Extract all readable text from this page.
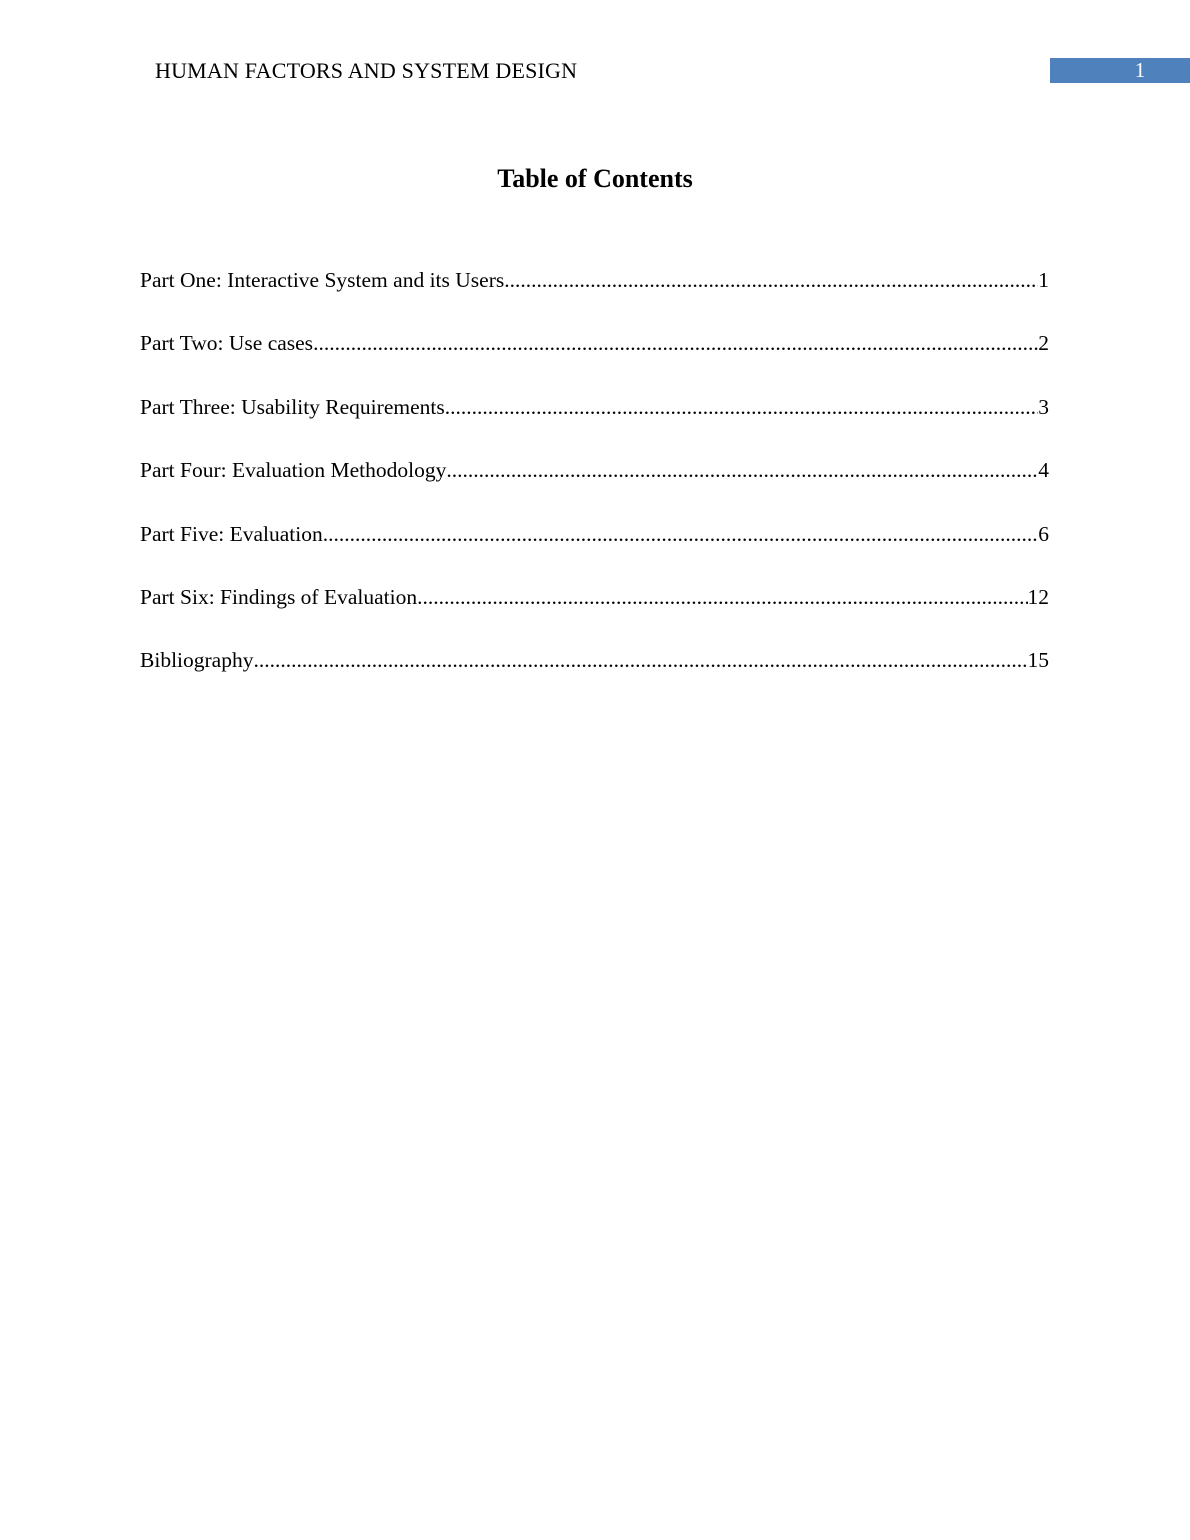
HUMAN FACTORS AND SYSTEM DESIGN	1
Table of Contents
Part One: Interactive System and its Users .....	1
Part Two: Use cases .....	2
Part Three: Usability Requirements .....	3
Part Four: Evaluation Methodology .....	4
Part Five: Evaluation .....	6
Part Six: Findings of Evaluation .....	12
Bibliography .....	15
